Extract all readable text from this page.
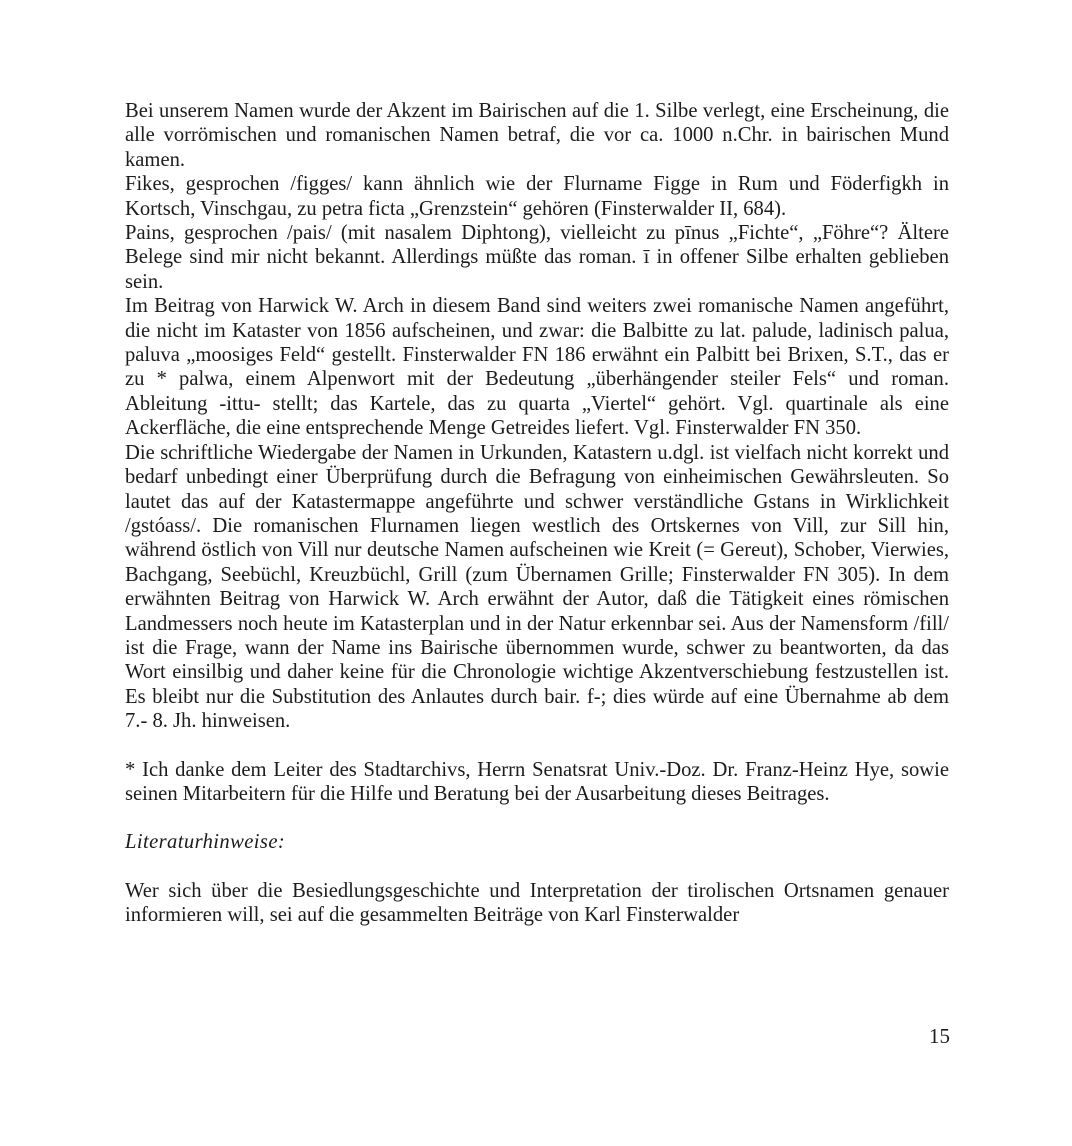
Bei unserem Namen wurde der Akzent im Bairischen auf die 1. Silbe verlegt, eine Erscheinung, die alle vorrömischen und romanischen Namen betraf, die vor ca. 1000 n.Chr. in bairischen Mund kamen.

Fikes, gesprochen /figges/ kann ähnlich wie der Flurname Figge in Rum und Föderfigkh in Kortsch, Vinschgau, zu petra ficta „Grenzstein“ gehören (Finsterwalder II, 684).

Pains, gesprochen /pais/ (mit nasalem Diphtong), vielleicht zu pīnus „Fichte“, „Föhre“? Ältere Belege sind mir nicht bekannt. Allerdings müßte das roman. ī in offener Silbe erhalten geblieben sein.

Im Beitrag von Harwick W. Arch in diesem Band sind weiters zwei romanische Namen angeführt, die nicht im Kataster von 1856 aufscheinen, und zwar: die Balbitte zu lat. palude, ladinisch palua, paluva „moosiges Feld“ gestellt. Finsterwalder FN 186 erwähnt ein Palbitt bei Brixen, S.T., das er zu * palwa, einem Alpenwort mit der Bedeutung „überhängender steiler Fels“ und roman. Ableitung -ittu- stellt; das Kartele, das zu quarta „Viertel“ gehört. Vgl. quartinale als eine Ackerfläche, die eine entsprechende Menge Getreides liefert. Vgl. Finsterwalder FN 350.

Die schriftliche Wiedergabe der Namen in Urkunden, Katastern u.dgl. ist vielfach nicht korrekt und bedarf unbedingt einer Überprüfung durch die Befragung von einheimischen Gewährsleuten. So lautet das auf der Katastermappe angeführte und schwer verständliche Gstans in Wirklichkeit /gstóass/. Die romanischen Flurnamen liegen westlich des Ortskernes von Vill, zur Sill hin, während östlich von Vill nur deutsche Namen aufscheinen wie Kreit (= Gereut), Schober, Vierwies, Bachgang, Seebüchl, Kreuzbüchl, Grill (zum Übernamen Grille; Finsterwalder FN 305). In dem erwähnten Beitrag von Harwick W. Arch erwähnt der Autor, daß die Tätigkeit eines römischen Landmessers noch heute im Katasterplan und in der Natur erkennbar sei. Aus der Namensform /fill/ ist die Frage, wann der Name ins Bairische übernommen wurde, schwer zu beantworten, da das Wort einsilbig und daher keine für die Chronologie wichtige Akzentverschiebung festzustellen ist. Es bleibt nur die Substitution des Anlautes durch bair. f-; dies würde auf eine Übernahme ab dem 7.- 8. Jh. hinweisen.

* Ich danke dem Leiter des Stadtarchivs, Herrn Senatsrat Univ.-Doz. Dr. Franz-Heinz Hye, sowie seinen Mitarbeitern für die Hilfe und Beratung bei der Ausarbeitung dieses Beitrages.

Literaturhinweise:

Wer sich über die Besiedlungsgeschichte und Interpretation der tirolischen Ortsnamen genauer informieren will, sei auf die gesammelten Beiträge von Karl Finsterwalder

15
